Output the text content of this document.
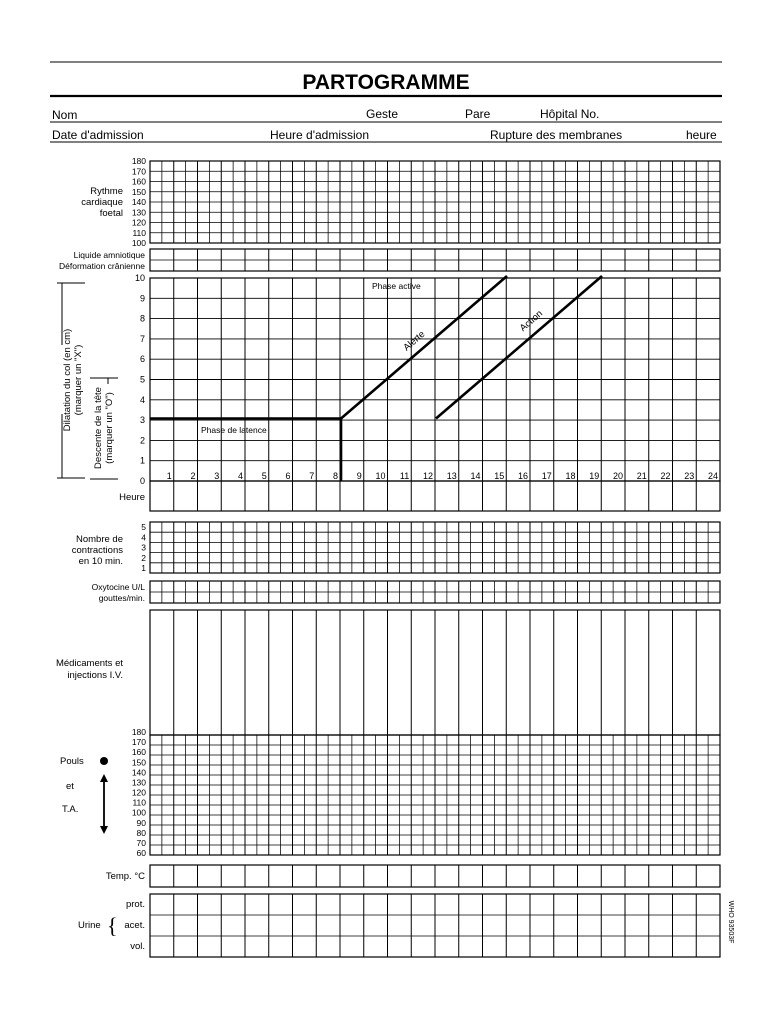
PARTOGRAMME
Nom	Geste	Pare	Hôpital No.
Date d'admission	Heure d'admission	Rupture des membranes	heure
Rythme
cardiaque
foetal
180
170
160
150
140
130
120
110
100
Liquide amniotique
Déformation crânienne
Phase de latence
Phase active
Alerte
Action
1 2 3 4 5 6 7 8 9 10 11 12 13 14 15 16 17 18 19 20 21 22 23 24
10
9
8
7
6
5
4
3
2
1
0
Dilatation du col (en cm) (marquer un "X")
Descente de la tête (marquer un "O")
Heure
Nombre de
contractions
en 10 min.
5
4
3
2
1
Oxytocine U/L
gouttes/min.
Médicaments et
injections I.V.
180
170
160
150
140
130
120
110
100
90
80
70
60
Pouls
et
T.A.
Temp. °C
Urine {
prot.
acet.
vol.
WHO 93503F
